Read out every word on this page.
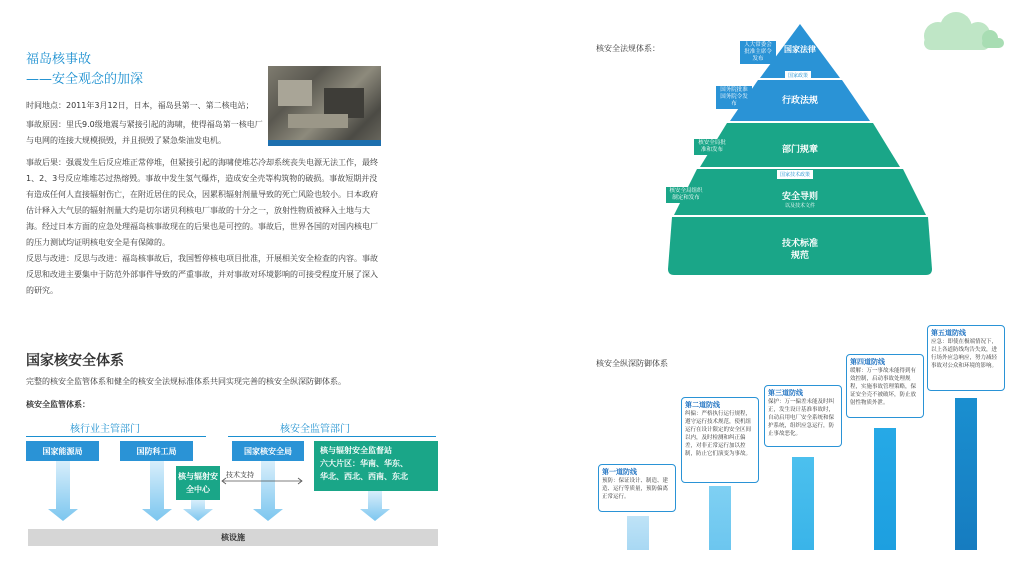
福岛核事故
——安全观念的加深
时间地点：2011年3月12日，日本，福岛县第一、第二核电站；
事故原因：里氏9.0级地震与紧接引起的海啸，使得福岛第一核电厂与电网的连接大规模损毁，并且损毁了紧急柴油发电机。
事故后果：强震发生后反应堆正常停堆，但紧接引起的海啸使堆芯冷却系统丧失电源无法工作，最终1、2、3号反应堆堆芯过热熔毁。事故中发生氢气爆炸，造成安全壳等构筑物的破损。事故短期并没有造成任何人直接辐射伤亡，在附近居住的民众，因累积辐射剂量导致的死亡风险也较小。日本政府估计释入大气层的辐射剂量大约是切尔诺贝利核电厂事故的十分之一，放射性物质被释入土地与大海。经过日本方面的应急处理福岛核事故现在的后果也是可控的。事故后，世界各国的对国内核电厂的压力测试均证明核电安全是有保障的。
反思与改进：反思与改进：福岛核事故后，我国暂停核电项目批准，开展相关安全检查的内容。事故反思和改进主要集中于防范外部事件导致的严重事故，并对事故对环境影响的可接受程度开展了深入的研究。
国家核安全体系
完整的核安全监管体系和健全的核安全法规标准体系共同实现完善的核安全纵深防御体系。
核安全监管体系：
核行业主管部门	核安全监管部门
国家能源局	国防科工局	国家核安全局
核与辐射安全中心
技术支持
核与辐射安全监督站
六大片区：华南、华东、
华北、西北、西南、东北
核设施
核安全法规体系：	国家法律
国家政策
行政法规
部门规章
国家技术政策
安全导则
以及技术文件
技术标准规范
人大常委会批准主席令发布
国务院批准国务院令发布
核安全局批准和发布
核安全局组织制定和发布
核安全纵深防御体系
第一道防线
预防：保证设计、制造、建造、运行等质量，预防偏离正常运行。
第二道防线
纠偏：严格执行运行规程，遵守运行技术规范，使机组运行在设计限定的安全区间以内，及时检测和纠正偏差，对非正常运行加以控制，防止它们演变为事故。
第三道防线
保护：万一偏差未能及时纠正，发生设计基准事故时，自动启用电厂安全系统和保护系统，组织应急运行，防止事故恶化。
第四道防线
缓解：万一事故未能得到有效控制，启动事故处理规程，实施事故管理策略，保证安全壳不被破坏，防止放射性物质外泄。
第五道防线
应急：即使在极端情况下，以上各道防线均告失效，进行场外应急响应，努力减轻事故对公众和环境的影响。
